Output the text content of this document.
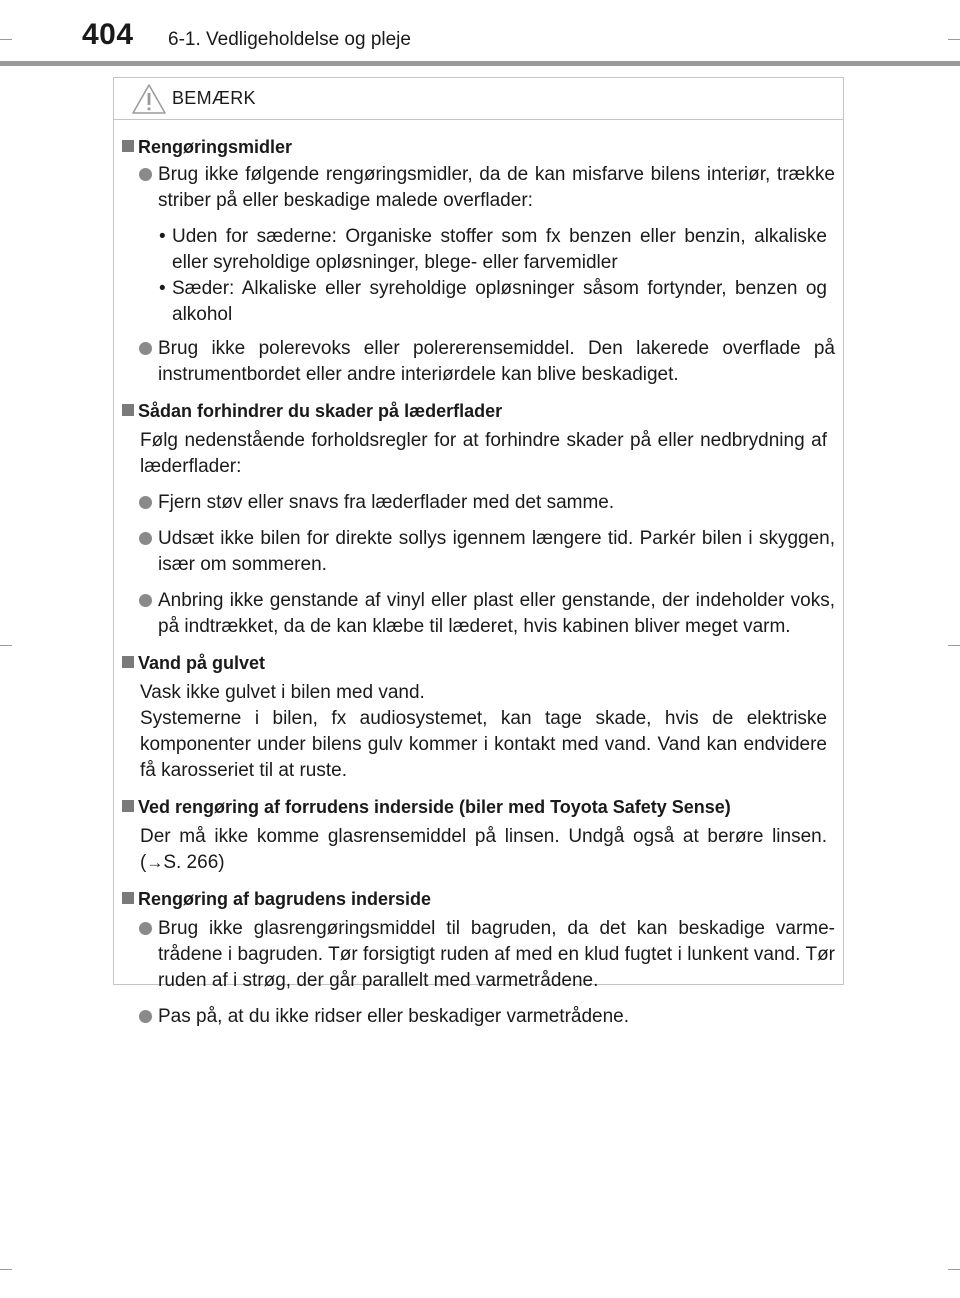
404 6-1. Vedligeholdelse og pleje
BEMÆRK
Rengøringsmidler
Brug ikke følgende rengøringsmidler, da de kan misfarve bilens interiør, trække striber på eller beskadige malede overflader:
• Uden for sæderne: Organiske stoffer som fx benzen eller benzin, alkaliske eller syreholdige opløsninger, blege- eller farvemidler
• Sæder: Alkaliske eller syreholdige opløsninger såsom fortynder, benzen og alkohol
Brug ikke polerevoks eller polererensemiddel. Den lakerede overflade på instrumentbordet eller andre interiørdele kan blive beskadiget.
Sådan forhindrer du skader på læderflader
Følg nedenstående forholdsregler for at forhindre skader på eller nedbrydning af læderflader:
Fjern støv eller snavs fra læderflader med det samme.
Udsæt ikke bilen for direkte sollys igennem længere tid. Parkér bilen i skyggen, især om sommeren.
Anbring ikke genstande af vinyl eller plast eller genstande, der indeholder voks, på indtrækket, da de kan klæbe til læderet, hvis kabinen bliver meget varm.
Vand på gulvet
Vask ikke gulvet i bilen med vand.
Systemerne i bilen, fx audiosystemet, kan tage skade, hvis de elektriske komponenter under bilens gulv kommer i kontakt med vand. Vand kan endvidere få karosseriet til at ruste.
Ved rengøring af forrudens inderside (biler med Toyota Safety Sense)
Der må ikke komme glasrensemiddel på linsen. Undgå også at berøre linsen. (→S. 266)
Rengøring af bagrudens inderside
Brug ikke glasrengøringsmiddel til bagruden, da det kan beskadige varmetrådene i bagruden. Tør forsigtigt ruden af med en klud fugtet i lunkent vand. Tør ruden af i strøg, der går parallelt med varmetrådene.
Pas på, at du ikke ridser eller beskadiger varmetrådene.
